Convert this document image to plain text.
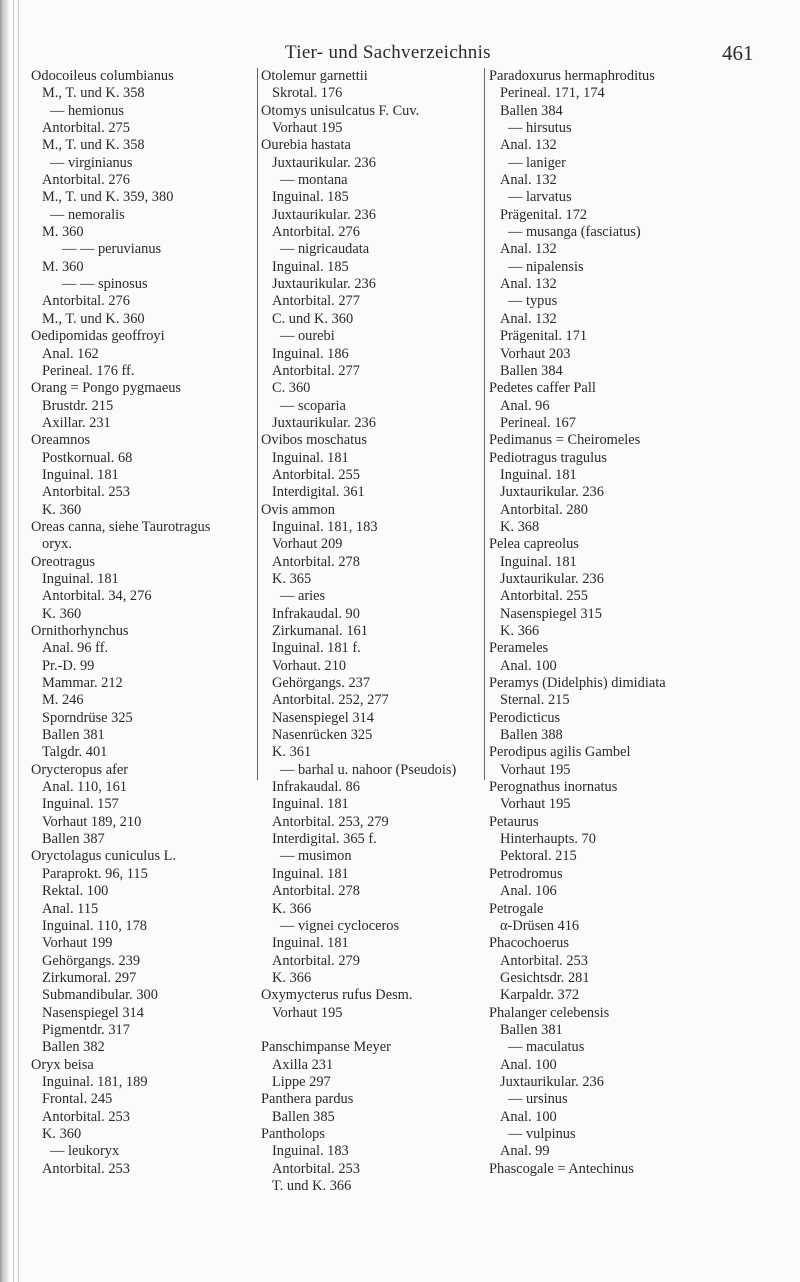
Tier- und Sachverzeichnis	461
Odocoileus columbianus
M., T. und K. 358
— hemionus
Antorbital. 275
M., T. und K. 358
— virginianus
Antorbital. 276
M., T. und K. 359, 380
— nemoralis
M. 360
— — peruvianus
M. 360
— — spinosus
Antorbital. 276
M., T. und K. 360
Oedipomidas geoffroyi
Anal. 162
Perineal. 176 ff.
Orang = Pongo pygmaeus
Brustdr. 215
Axillar. 231
Oreamnos
Postkornual. 68
Inguinal. 181
Antorbital. 253
K. 360
Oreas canna, siehe Taurotragus
oryx.
Oreotragus
Inguinal. 181
Antorbital. 34, 276
K. 360
Ornithorhynchus
Anal. 96 ff.
Pr.-D. 99
Mammar. 212
M. 246
Sporndrüse 325
Ballen 381
Talgdr. 401
Orycteropus afer
Anal. 110, 161
Inguinal. 157
Vorhaut 189, 210
Ballen 387
Oryctolagus cuniculus L.
Paraprokt. 96, 115
Rektal. 100
Anal. 115
Inguinal. 110, 178
Vorhaut 199
Gehörgangs. 239
Zirkumoral. 297
Submandibular. 300
Nasenspiegel 314
Pigmentdr. 317
Ballen 382
Oryx beisa
Inguinal. 181, 189
Frontal. 245
Antorbital. 253
K. 360
— leukoryx
Antorbital. 253
Otolemur garnettii
Skrotal. 176
Otomys unisulcatus F. Cuv.
Vorhaut 195
Ourebia hastata
Juxtaurikular. 236
— montana
Inguinal. 185
Juxtaurikular. 236
Antorbital. 276
— nigricaudata
Inguinal. 185
Juxtaurikular. 236
Antorbital. 277
C. und K. 360
— ourebi
Inguinal. 186
Antorbital. 277
C. 360
— scoparia
Juxtaurikular. 236
Ovibos moschatus
Inguinal. 181
Antorbital. 255
Interdigital. 361
Ovis ammon
Inguinal. 181, 183
Vorhaut 209
Antorbital. 278
K. 365
— aries
Infrakaudal. 90
Zirkumanal. 161
Inguinal. 181 f.
Vorhaut. 210
Gehörgangs. 237
Antorbital. 252, 277
Nasenspiegel 314
Nasenrücken 325
K. 361
— barhal u. nahoor (Pseudois)
Infrakaudal. 86
Inguinal. 181
Antorbital. 253, 279
Interdigital. 365 f.
— musimon
Inguinal. 181
Antorbital. 278
K. 366
— vignei cycloceros
Inguinal. 181
Antorbital. 279
K. 366
Oxymycterus rufus Desm.
Vorhaut 195
Panschimpanse Meyer
Axilla 231
Lippe 297
Panthera pardus
Ballen 385
Pantholops
Inguinal. 183
Antorbital. 253
T. und K. 366
Paradoxurus hermaphroditus
Perineal. 171, 174
Ballen 384
— hirsutus
Anal. 132
— laniger
Anal. 132
— larvatus
Prägenital. 172
— musanga (fasciatus)
Anal. 132
— nipalensis
Anal. 132
— typus
Anal. 132
Prägenital. 171
Vorhaut 203
Ballen 384
Pedetes caffer Pall
Anal. 96
Perineal. 167
Pedimanus = Cheiromeles
Pediotragus tragulus
Inguinal. 181
Juxtaurikular. 236
Antorbital. 280
K. 368
Pelea capreolus
Inguinal. 181
Juxtaurikular. 236
Antorbital. 255
Nasenspiegel 315
K. 366
Perameles
Anal. 100
Peramys (Didelphis) dimidiata
Sternal. 215
Perodicticus
Ballen 388
Perodipus agilis Gambel
Vorhaut 195
Perognathus inornatus
Vorhaut 195
Petaurus
Hinterhaupts. 70
Pektoral. 215
Petrodromus
Anal. 106
Petrogale
α-Drüsen 416
Phacochoerus
Antorbital. 253
Gesichtsdr. 281
Karpaldr. 372
Phalanger celebensis
Ballen 381
— maculatus
Anal. 100
Juxtaurikular. 236
— ursinus
Anal. 100
— vulpinus
Anal. 99
Phascogale = Antechinus
